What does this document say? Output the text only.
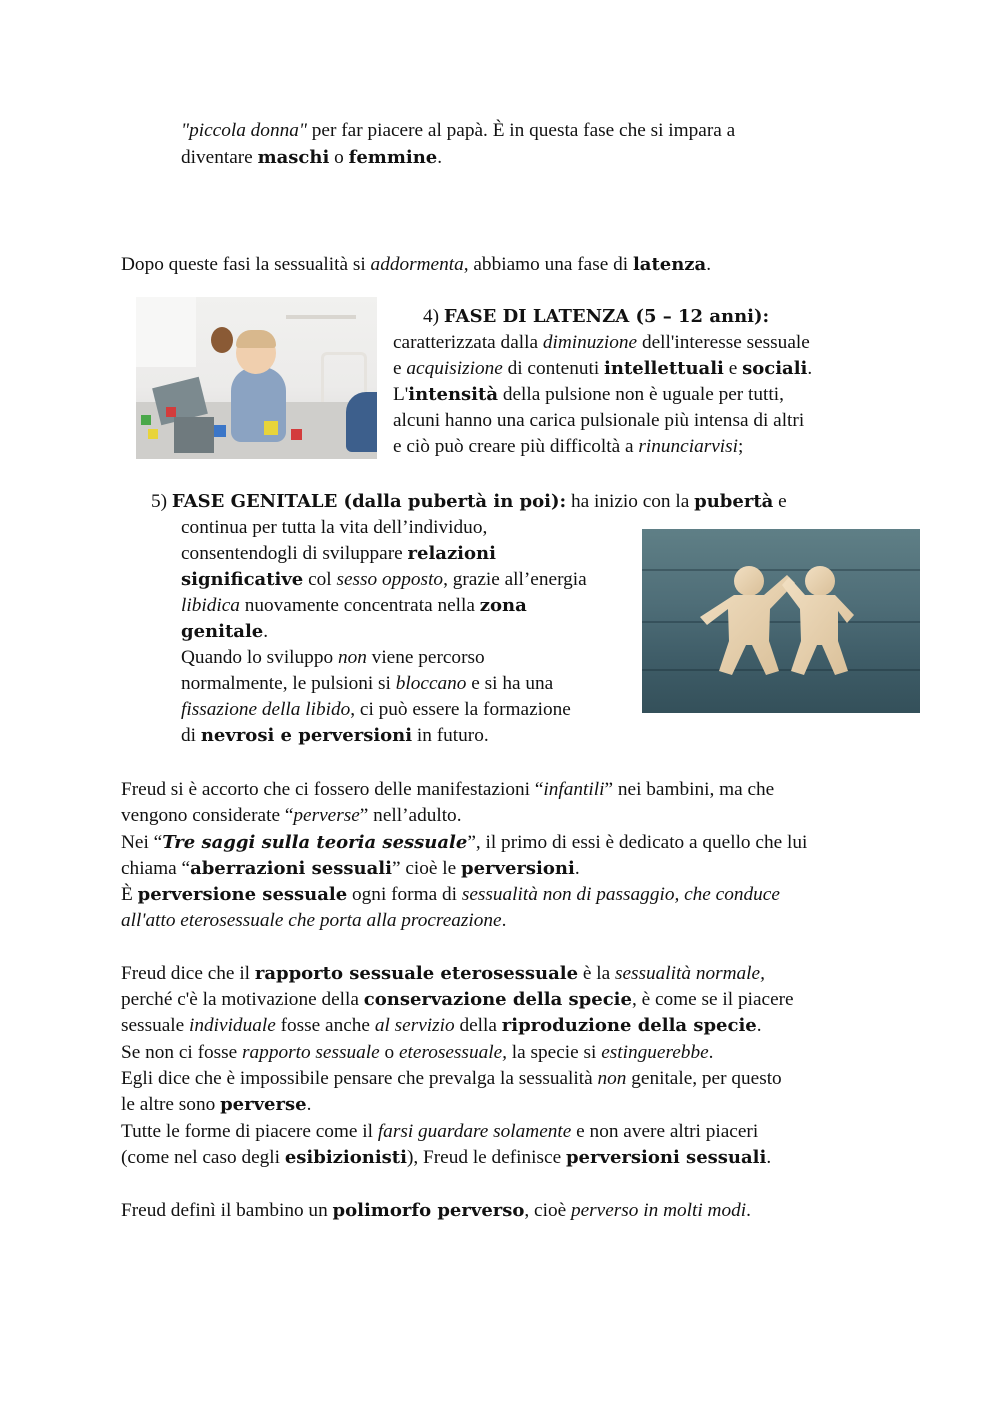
"piccola donna" per far piacere al papà. È in questa fase che si impara a
diventare maschi o femmine.
Dopo queste fasi la sessualità si addormenta, abbiamo una fase di latenza.
4) FASE DI LATENZA (5 – 12 anni):
caratterizzata dalla diminuzione dell'interesse sessuale
e acquisizione di contenuti intellettuali e sociali.
L'intensità della pulsione non è uguale per tutti,
alcuni hanno una carica pulsionale più intensa di altri
e ciò può creare più difficoltà a rinunciarvisi;
5) FASE GENITALE (dalla pubertà in poi): ha inizio con la pubertà e
continua per tutta la vita dell’individuo,
consentendogli di sviluppare relazioni
significative col sesso opposto, grazie all’energia
libidica nuovamente concentrata nella zona
genitale.
Quando lo sviluppo non viene percorso
normalmente, le pulsioni si bloccano e si ha una
fissazione della libido, ci può essere la formazione
di nevrosi e perversioni in futuro.
Freud si è accorto che ci fossero delle manifestazioni “infantili” nei bambini, ma che
vengono considerate “perverse” nell’adulto.
Nei “Tre saggi sulla teoria sessuale”, il primo di essi è dedicato a quello che lui
chiama “aberrazioni sessuali” cioè le perversioni.
È perversione sessuale ogni forma di sessualità non di passaggio, che conduce
all'atto eterosessuale che porta alla procreazione.
Freud dice che il rapporto sessuale eterosessuale è la sessualità normale,
perché c'è la motivazione della conservazione della specie, è come se il piacere
sessuale individuale fosse anche al servizio della riproduzione della specie.
Se non ci fosse rapporto sessuale o eterosessuale, la specie si estinguerebbe.
Egli dice che è impossibile pensare che prevalga la sessualità non genitale, per questo
le altre sono perverse.
Tutte le forme di piacere come il farsi guardare solamente e non avere altri piaceri
(come nel caso degli esibizionisti), Freud le definisce perversioni sessuali.
Freud definì il bambino un polimorfo perverso, cioè perverso in molti modi.
